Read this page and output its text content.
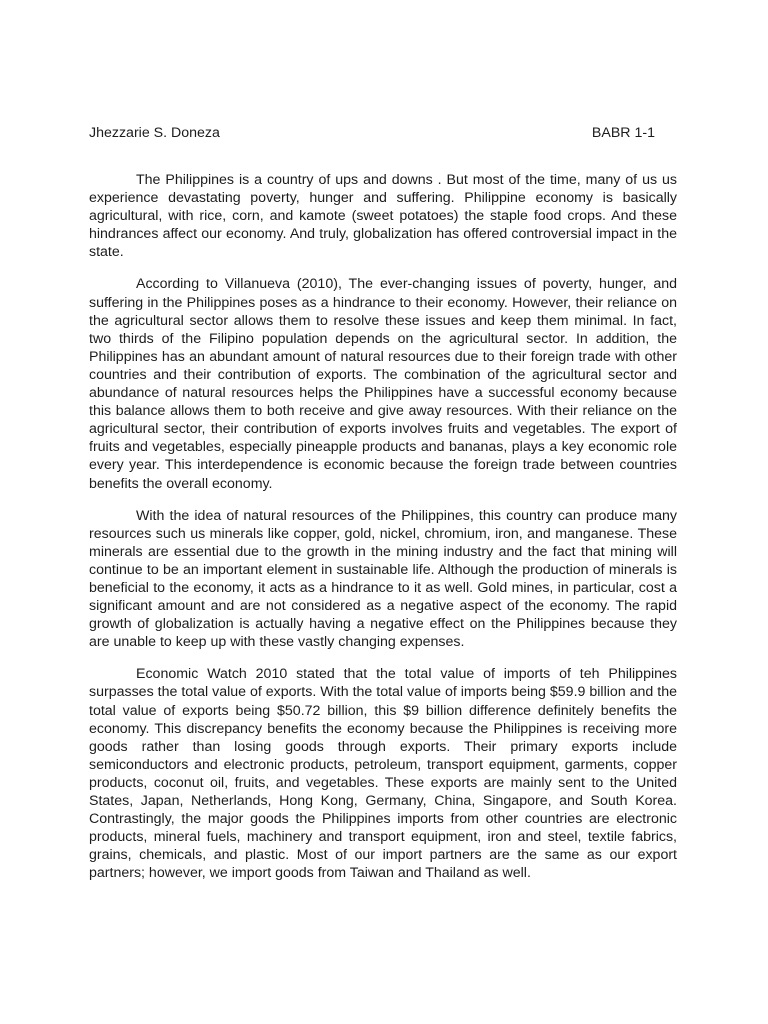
Jhezzarie S. Doneza	BABR 1-1

The Philippines is a country of ups and downs . But most of the time, many of us us experience devastating poverty, hunger and suffering. Philippine economy is basically agricultural, with rice, corn, and kamote (sweet potatoes) the staple food crops. And these hindrances affect our economy. And truly, globalization has offered controversial impact in the state.

According to Villanueva (2010), The ever-changing issues of poverty, hunger, and suffering in the Philippines poses as a hindrance to their economy. However, their reliance on the agricultural sector allows them to resolve these issues and keep them minimal. In fact, two thirds of the Filipino population depends on the agricultural sector. In addition, the Philippines has an abundant amount of natural resources due to their foreign trade with other countries and their contribution of exports. The combination of the agricultural sector and abundance of natural resources helps the Philippines have a successful economy because this balance allows them to both receive and give away resources. With their reliance on the agricultural sector, their contribution of exports involves fruits and vegetables. The export of fruits and vegetables, especially pineapple products and bananas, plays a key economic role every year. This interdependence is economic because the foreign trade between countries benefits the overall economy.

With the idea of natural resources of the Philippines, this country can produce many resources such us minerals like copper, gold, nickel, chromium, iron, and manganese. These minerals are essential due to the growth in the mining industry and the fact that mining will continue to be an important element in sustainable life. Although the production of minerals is beneficial to the economy, it acts as a hindrance to it as well. Gold mines, in particular, cost a significant amount and are not considered as a negative aspect of the economy. The rapid growth of globalization is actually having a negative effect on the Philippines because they are unable to keep up with these vastly changing expenses.

Economic Watch 2010 stated that the total value of imports of teh Philippines surpasses the total value of exports. With the total value of imports being $59.9 billion and the total value of exports being $50.72 billion, this $9 billion difference definitely benefits the economy. This discrepancy benefits the economy because the Philippines is receiving more goods rather than losing goods through exports. Their primary exports include semiconductors and electronic products, petroleum, transport equipment, garments, copper products, coconut oil, fruits, and vegetables. These exports are mainly sent to the United States, Japan, Netherlands, Hong Kong, Germany, China, Singapore, and South Korea. Contrastingly, the major goods the Philippines imports from other countries are electronic products, mineral fuels, machinery and transport equipment, iron and steel, textile fabrics, grains, chemicals, and plastic. Most of our import partners are the same as our export partners; however, we import goods from Taiwan and Thailand as well.
